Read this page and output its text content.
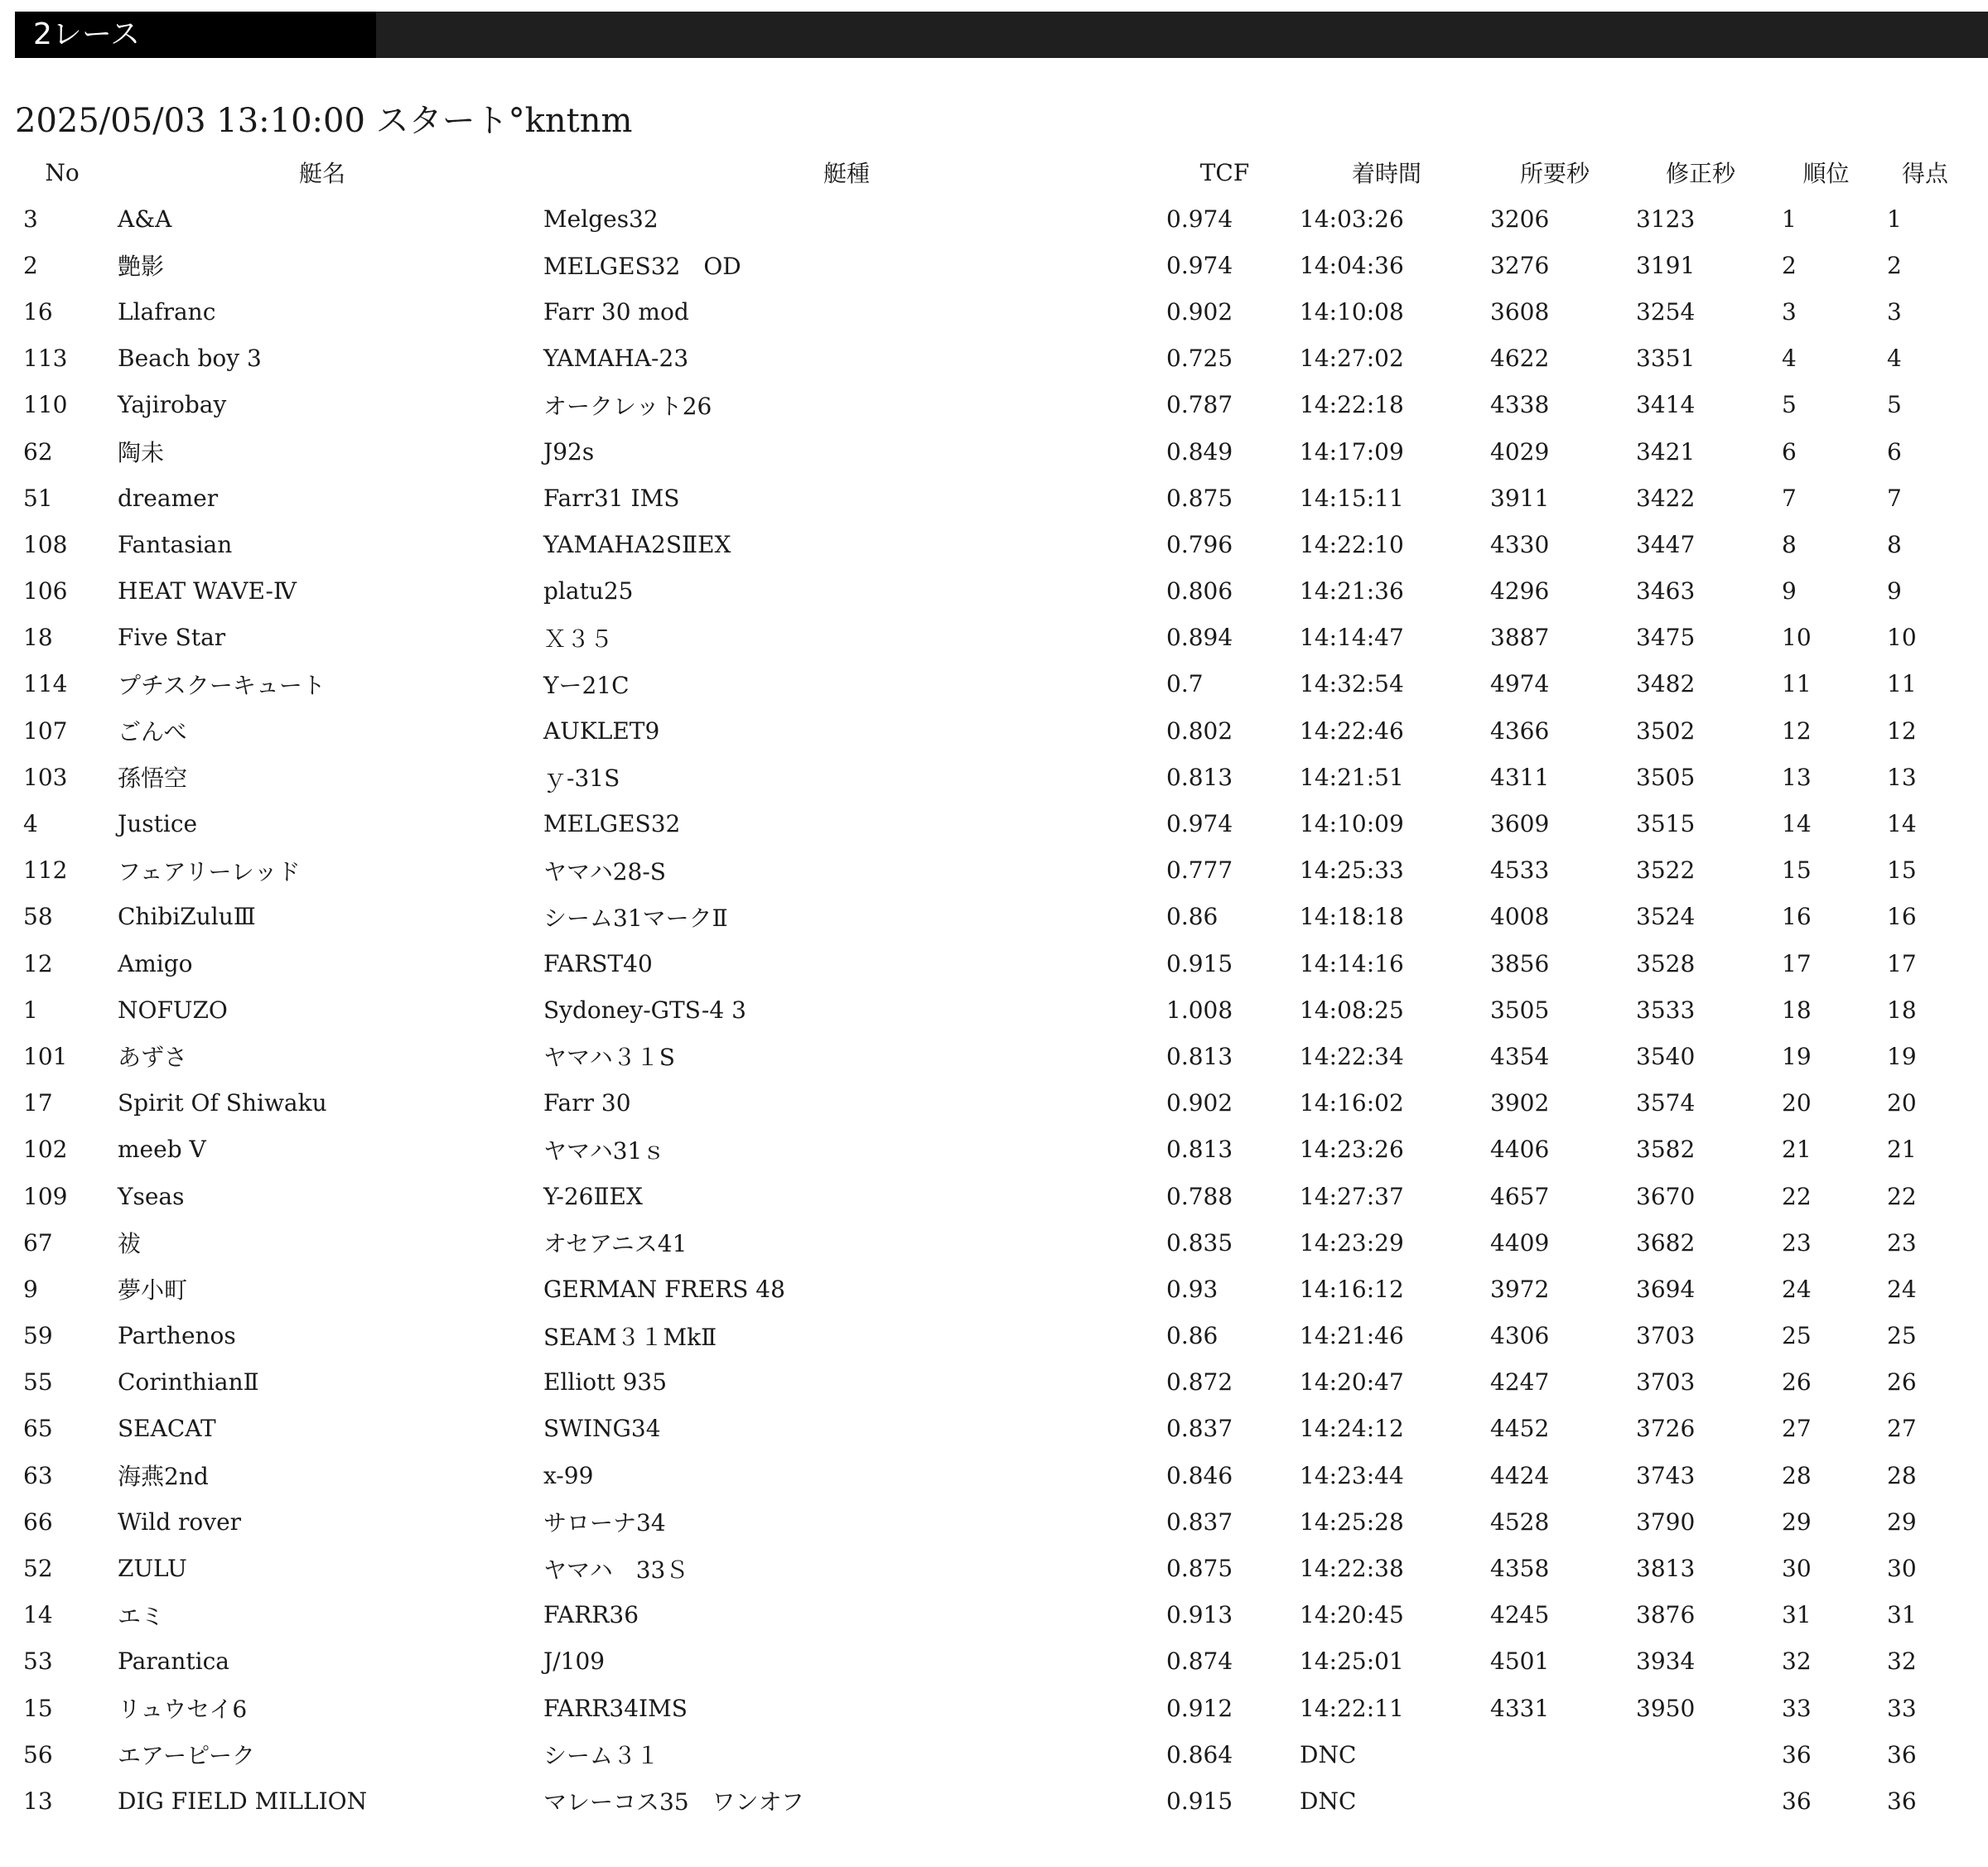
2レース
2025/05/03 13:10:00 スタート°kntnm
No	艇名	艇種	TCF	着時間	所要秒	修正秒	順位	得点
3	A&A	Melges32	0.974	14:03:26	3206	3123	1	1
2	艶影	MELGES32　OD	0.974	14:04:36	3276	3191	2	2
16	Llafranc	Farr 30 mod	0.902	14:10:08	3608	3254	3	3
113	Beach boy 3	YAMAHA-23	0.725	14:27:02	4622	3351	4	4
110	Yajirobay	オークレット26	0.787	14:22:18	4338	3414	5	5
62	陶未	J92s	0.849	14:17:09	4029	3421	6	6
51	dreamer	Farr31 IMS	0.875	14:15:11	3911	3422	7	7
108	Fantasian	YAMAHA2SⅡEX	0.796	14:22:10	4330	3447	8	8
106	HEAT WAVE-Ⅳ	platu25	0.806	14:21:36	4296	3463	9	9
18	Five Star	Ｘ３５	0.894	14:14:47	3887	3475	10	10
114	プチスクーキュート	Yー21C	0.7	14:32:54	4974	3482	11	11
107	ごんべ	AUKLET9	0.802	14:22:46	4366	3502	12	12
103	孫悟空	ｙ-31S	0.813	14:21:51	4311	3505	13	13
4	Justice	MELGES32	0.974	14:10:09	3609	3515	14	14
112	フェアリーレッド	ヤマハ28-S	0.777	14:25:33	4533	3522	15	15
58	ChibiZuluⅢ	シーム31マークⅡ	0.86	14:18:18	4008	3524	16	16
12	Amigo	FARST40	0.915	14:14:16	3856	3528	17	17
1	NOFUZO	Sydoney-GTS-4 3	1.008	14:08:25	3505	3533	18	18
101	あずさ	ヤマハ３１S	0.813	14:22:34	4354	3540	19	19
17	Spirit Of Shiwaku	Farr 30	0.902	14:16:02	3902	3574	20	20
102	meeb V	ヤマハ31ｓ	0.813	14:23:26	4406	3582	21	21
109	Yseas	Y-26ⅡEX	0.788	14:27:37	4657	3670	22	22
67	祓	オセアニス41	0.835	14:23:29	4409	3682	23	23
9	夢小町	GERMAN FRERS 48	0.93	14:16:12	3972	3694	24	24
59	Parthenos	SEAM３１MkⅡ	0.86	14:21:46	4306	3703	25	25
55	CorinthianⅡ	Elliott 935	0.872	14:20:47	4247	3703	26	26
65	SEACAT	SWING34	0.837	14:24:12	4452	3726	27	27
63	海燕2nd	x-99	0.846	14:23:44	4424	3743	28	28
66	Wild rover	サローナ34	0.837	14:25:28	4528	3790	29	29
52	ZULU	ヤマハ　33Ｓ	0.875	14:22:38	4358	3813	30	30
14	エミ	FARR36	0.913	14:20:45	4245	3876	31	31
53	Parantica	J/109	0.874	14:25:01	4501	3934	32	32
15	リュウセイ6	FARR34IMS	0.912	14:22:11	4331	3950	33	33
56	エアーピーク	シーム３１	0.864	DNC			36	36
13	DIG FIELD MILLION	マレーコス35　ワンオフ	0.915	DNC			36	36
